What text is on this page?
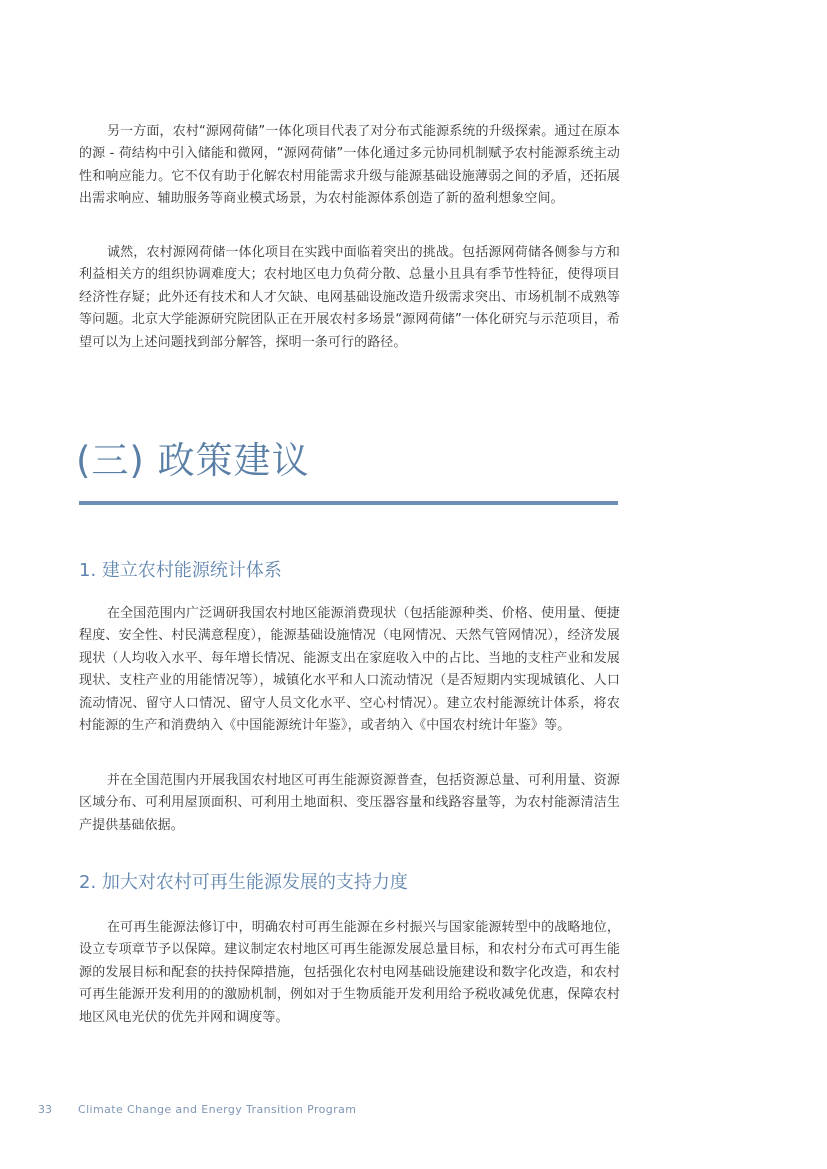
另一方面，农村“源网荷储”一体化项目代表了对分布式能源系统的升级探索。通过在原本的源 - 荷结构中引入储能和微网，“源网荷储”一体化通过多元协同机制赋予农村能源系统主动性和响应能力。它不仅有助于化解农村用能需求升级与能源基础设施薄弱之间的矛盾，还拓展出需求响应、辅助服务等商业模式场景，为农村能源体系创造了新的盈利想象空间。

诚然，农村源网荷储一体化项目在实践中面临着突出的挑战。包括源网荷储各侧参与方和利益相关方的组织协调难度大；农村地区电力负荷分散、总量小且具有季节性特征，使得项目经济性存疑；此外还有技术和人才欠缺、电网基础设施改造升级需求突出、市场机制不成熟等等问题。北京大学能源研究院团队正在开展农村多场景“源网荷储”一体化研究与示范项目，希望可以为上述问题找到部分解答，探明一条可行的路径。

(三) 政策建议
1. 建立农村能源统计体系

在全国范围内广泛调研我国农村地区能源消费现状（包括能源种类、价格、使用量、便捷程度、安全性、村民满意程度），能源基础设施情况（电网情况、天然气管网情况），经济发展现状（人均收入水平、每年增长情况、能源支出在家庭收入中的占比、当地的支柱产业和发展现状、支柱产业的用能情况等），城镇化水平和人口流动情况（是否短期内实现城镇化、人口流动情况、留守人口情况、留守人员文化水平、空心村情况）。建立农村能源统计体系，将农村能源的生产和消费纳入《中国能源统计年鉴》，或者纳入《中国农村统计年鉴》等。

并在全国范围内开展我国农村地区可再生能源资源普查，包括资源总量、可利用量、资源区域分布、可利用屋顶面积、可利用土地面积、变压器容量和线路容量等，为农村能源清洁生产提供基础依据。

2. 加大对农村可再生能源发展的支持力度

在可再生能源法修订中，明确农村可再生能源在乡村振兴与国家能源转型中的战略地位，设立专项章节予以保障。建议制定农村地区可再生能源发展总量目标，和农村分布式可再生能源的发展目标和配套的扶持保障措施，包括强化农村电网基础设施建设和数字化改造，和农村可再生能源开发利用的的激励机制，例如对于生物质能开发利用给予税收减免优惠，保障农村地区风电光伏的优先并网和调度等。

33 Climate Change and Energy Transition Program
